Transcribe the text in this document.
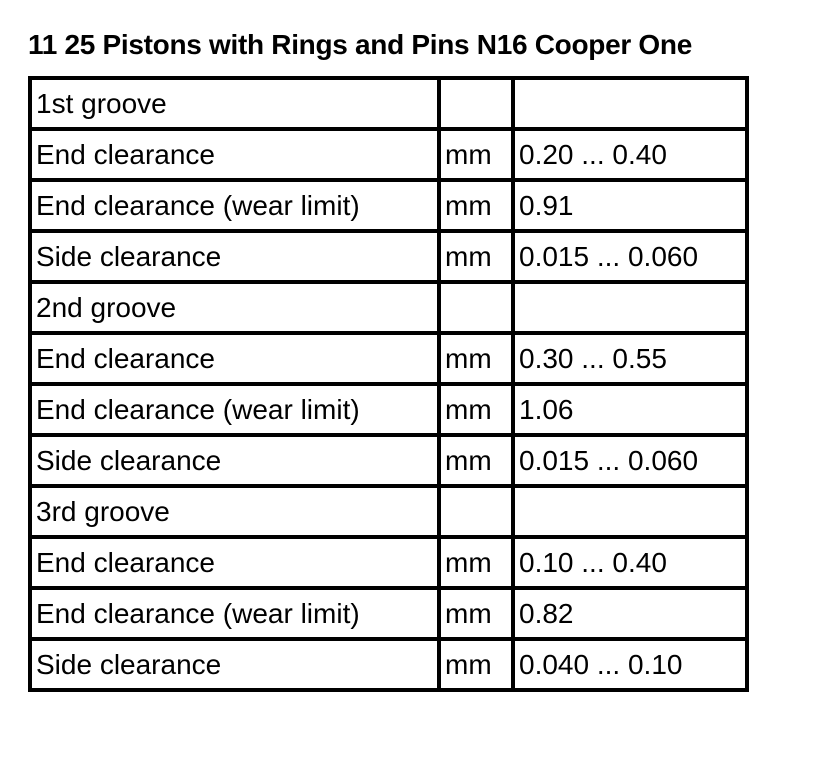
11 25 Pistons with Rings and Pins N16 Cooper One
1st groove		
End clearance	mm	0.20 ... 0.40
End clearance (wear limit)	mm	0.91
Side clearance	mm	0.015 ... 0.060
2nd groove		
End clearance	mm	0.30 ... 0.55
End clearance (wear limit)	mm	1.06
Side clearance	mm	0.015 ... 0.060
3rd groove		
End clearance	mm	0.10 ... 0.40
End clearance (wear limit)	mm	0.82
Side clearance	mm	0.040 ... 0.10
